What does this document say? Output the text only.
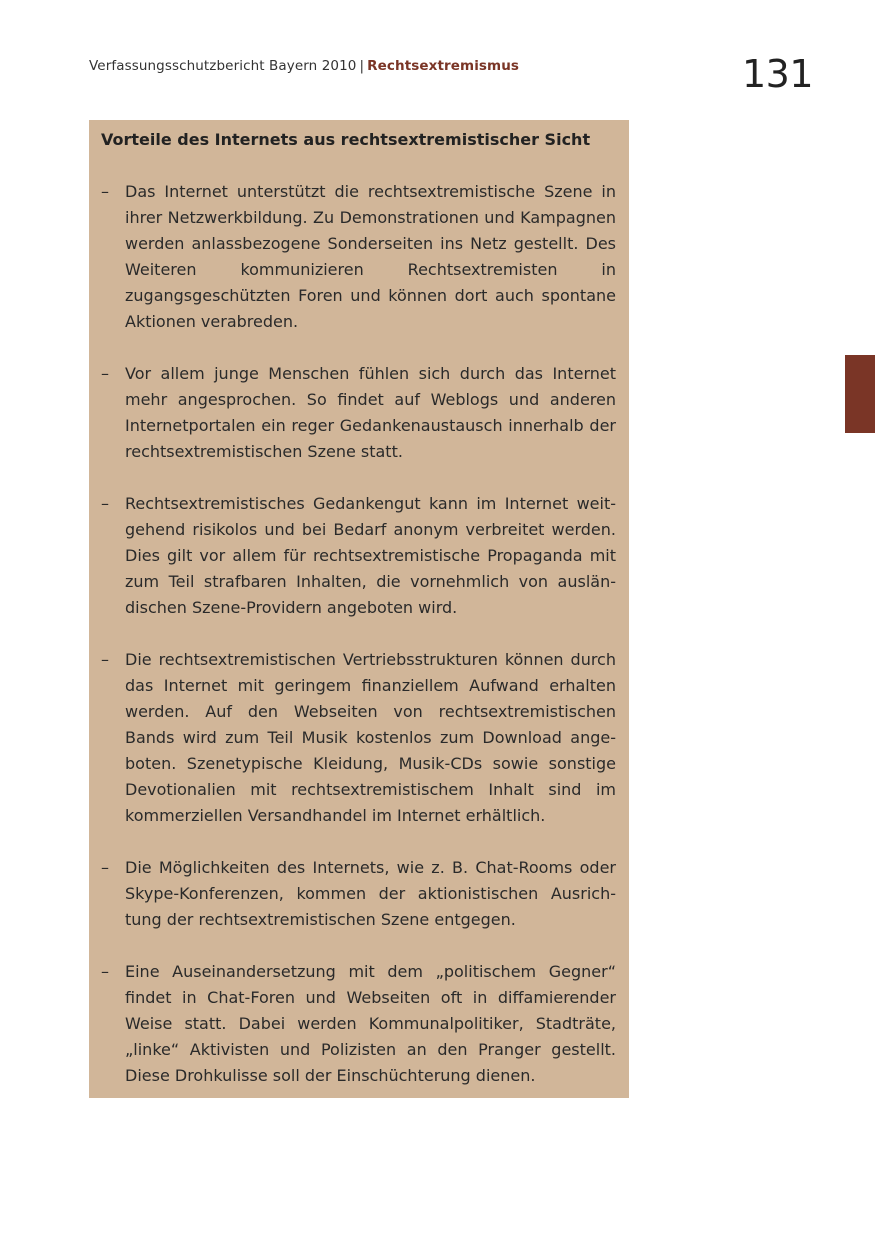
Verfassungsschutzbericht Bayern 2010 | Rechtsextremismus	131
Vorteile des Internets aus rechtsextremistischer Sicht
– Das Internet unterstützt die rechtsextremistische Szene in ihrer Netzwerkbildung. Zu Demonstrationen und Kampagnen werden anlassbezogene Sonderseiten ins Netz gestellt. Des Weiteren kommunizieren Rechtsextremisten in zugangsgeschützten Foren und können dort auch spontane Aktionen verabreden.
– Vor allem junge Menschen fühlen sich durch das Internet mehr angesprochen. So findet auf Weblogs und anderen Internetportalen ein reger Gedankenaustausch innerhalb der rechtsextremistischen Szene statt.
– Rechtsextremistisches Gedankengut kann im Internet weitgehend risikolos und bei Bedarf anonym verbreitet werden. Dies gilt vor allem für rechtsextremistische Propaganda mit zum Teil strafbaren Inhalten, die vornehmlich von ausländischen Szene-Providern angeboten wird.
– Die rechtsextremistischen Vertriebsstrukturen können durch das Internet mit geringem finanziellem Aufwand erhalten werden. Auf den Webseiten von rechtsextremistischen Bands wird zum Teil Musik kostenlos zum Download angeboten. Szenetypische Kleidung, Musik-CDs sowie sonstige Devotionalien mit rechtsextremistischem Inhalt sind im kommerziellen Versandhandel im Internet erhältlich.
– Die Möglichkeiten des Internets, wie z. B. Chat-Rooms oder Skype-Konferenzen, kommen der aktionistischen Ausrichtung der rechtsextremistischen Szene entgegen.
– Eine Auseinandersetzung mit dem „politischem Gegner“ findet in Chat-Foren und Webseiten oft in diffamierender Weise statt. Dabei werden Kommunalpolitiker, Stadträte, „linke“ Aktivisten und Polizisten an den Pranger gestellt. Diese Drohkulisse soll der Einschüchterung dienen.
